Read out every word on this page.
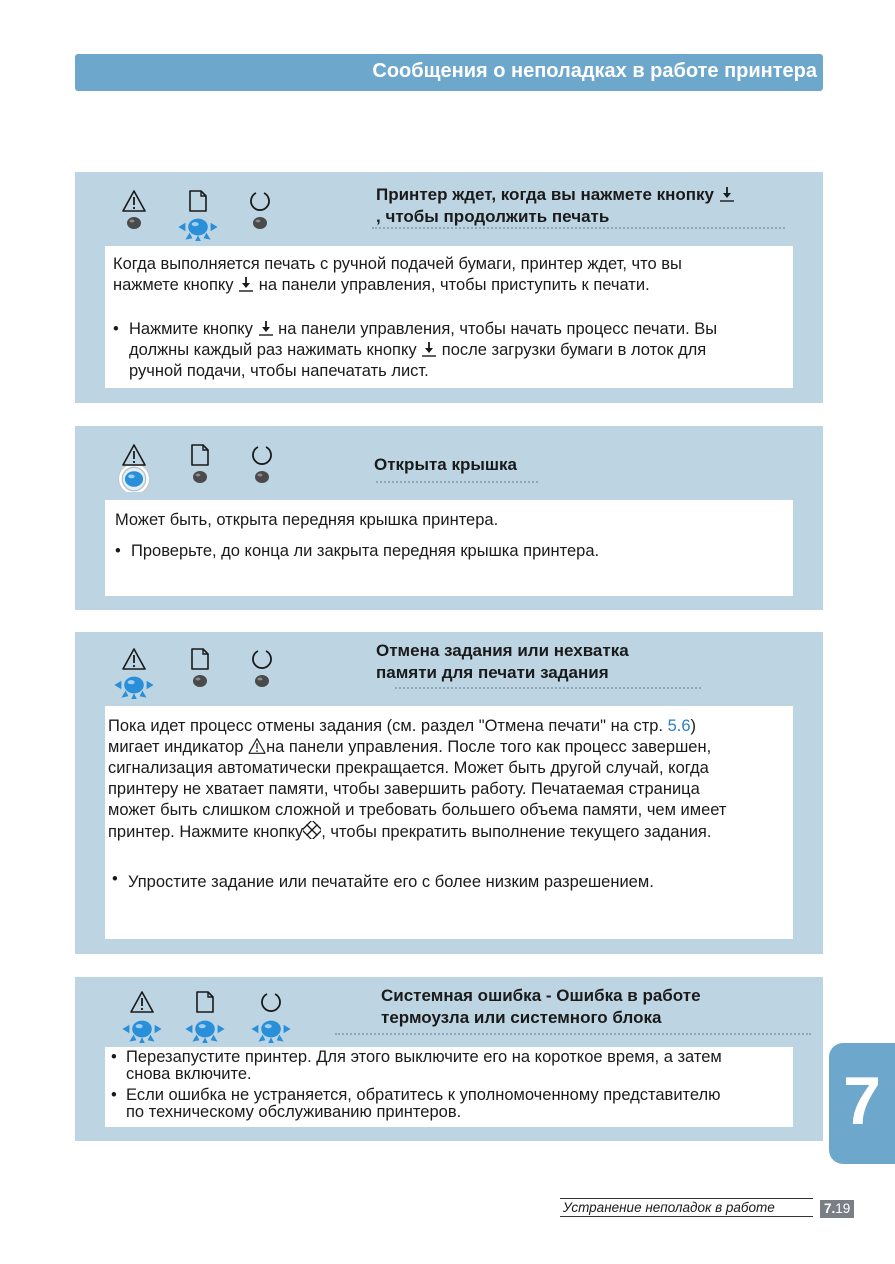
Сообщения о неполадках в работе принтера
Принтер ждет, когда вы нажмете кнопку
, чтобы продолжить печать
Когда выполняется печать с ручной подачей бумаги, принтер ждет, что вы
нажмете кнопку на панели управления, чтобы приступить к печати.
• Нажмите кнопку на панели управления, чтобы начать процесс печати. Вы
должны каждый раз нажимать кнопку после загрузки бумаги в лоток для
ручной подачи, чтобы напечатать лист.
Открыта крышка
Может быть, открыта передняя крышка принтера.
• Проверьте, до конца ли закрыта передняя крышка принтера.
Отмена задания или нехватка
памяти для печати задания
Пока идет процесс отмены задания (см. раздел "Отмена печати" на стр. 5.6)
мигает индикатор на панели управления. После того как процесс завершен,
сигнализация автоматически прекращается. Может быть другой случай, когда
принтеру не хватает памяти, чтобы завершить работу. Печатаемая страница
может быть слишком сложной и требовать большего объема памяти, чем имеет
принтер. Нажмите кнопку , чтобы прекратить выполнение текущего задания.
• Упростите задание или печатайте его с более низким разрешением.
Системная ошибка - Ошибка в работе
термоузла или системного блока
• Перезапустите принтер. Для этого выключите его на короткое время, а затем
снова включите.
• Если ошибка не устраняется, обратитесь к уполномоченному представителю
по техническому обслуживанию принтеров.	7
Устранение неполадок в работе	7.19
